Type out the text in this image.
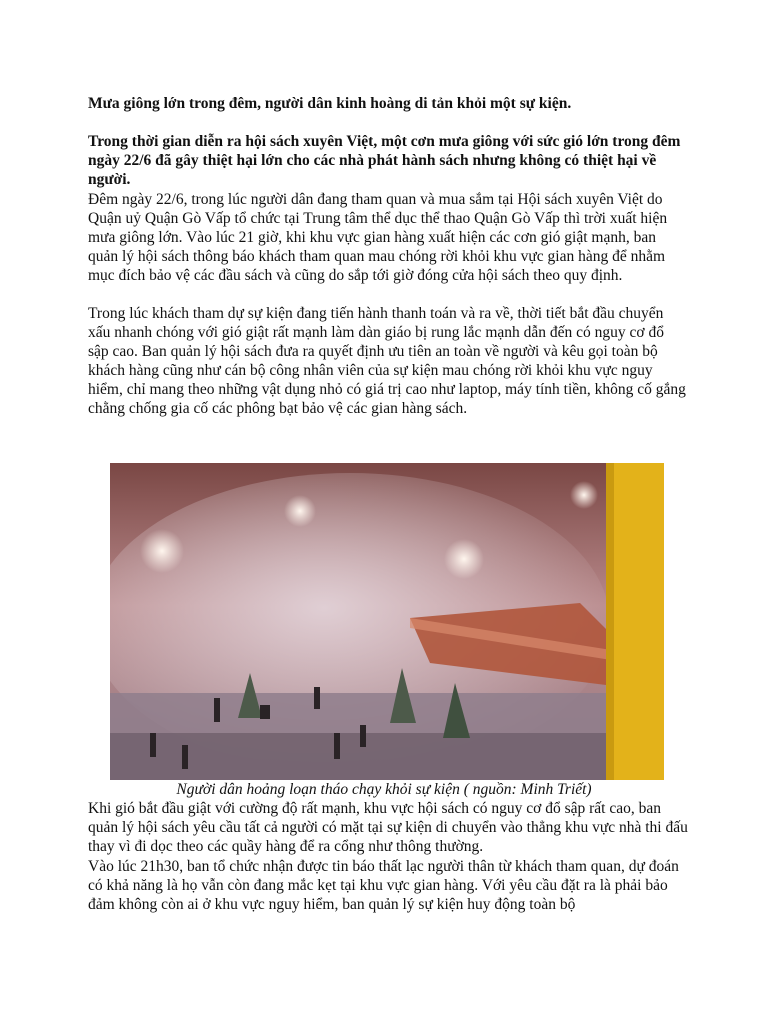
Mưa giông lớn trong đêm, người dân kinh hoàng di tản khỏi một sự kiện.

Trong thời gian diễn ra hội sách xuyên Việt, một cơn mưa giông với sức gió lớn trong đêm ngày 22/6 đã gây thiệt hại lớn cho các nhà phát hành sách nhưng không có thiệt hại về người.

Đêm ngày 22/6, trong lúc người dân đang tham quan và mua sắm tại Hội sách xuyên Việt do Quận uỷ Quận Gò Vấp tổ chức tại Trung tâm thể dục thể thao Quận Gò Vấp thì trời xuất hiện mưa giông lớn. Vào lúc 21 giờ, khi khu vực gian hàng xuất hiện các cơn gió giật mạnh, ban quản lý hội sách thông báo khách tham quan mau chóng rời khỏi khu vực gian hàng để nhằm mục đích bảo vệ các đầu sách và cũng do sắp tới giờ đóng cửa hội sách theo quy định.

Trong lúc khách tham dự sự kiện đang tiến hành thanh toán và ra về, thời tiết bắt đầu chuyển xấu nhanh chóng với gió giật rất mạnh làm dàn giáo bị rung lắc mạnh dẫn đến có nguy cơ đổ sập cao. Ban quản lý hội sách đưa ra quyết định ưu tiên an toàn về người và kêu gọi toàn bộ khách hàng cũng như cán bộ công nhân viên của sự kiện mau chóng rời khỏi khu vực nguy hiểm, chỉ mang theo những vật dụng nhỏ có giá trị cao như laptop, máy tính tiền, không cố gắng chằng chống gia cố các phông bạt bảo vệ các gian hàng sách.

Người dân hoảng loạn tháo chạy khỏi sự kiện ( nguồn: Minh Triết)

Khi gió bắt đầu giật với cường độ rất mạnh, khu vực hội sách có nguy cơ đổ sập rất cao, ban quản lý hội sách yêu cầu tất cả người có mặt tại sự kiện di chuyển vào thẳng khu vực nhà thi đấu thay vì đi dọc theo các quầy hàng để ra cổng như thông thường.

Vào lúc 21h30, ban tổ chức nhận được tin báo thất lạc người thân từ khách tham quan, dự đoán có khả năng là họ vẫn còn đang mắc kẹt tại khu vực gian hàng. Với yêu cầu đặt ra là phải bảo đảm không còn ai ở khu vực nguy hiểm, ban quản lý sự kiện huy động toàn bộ
